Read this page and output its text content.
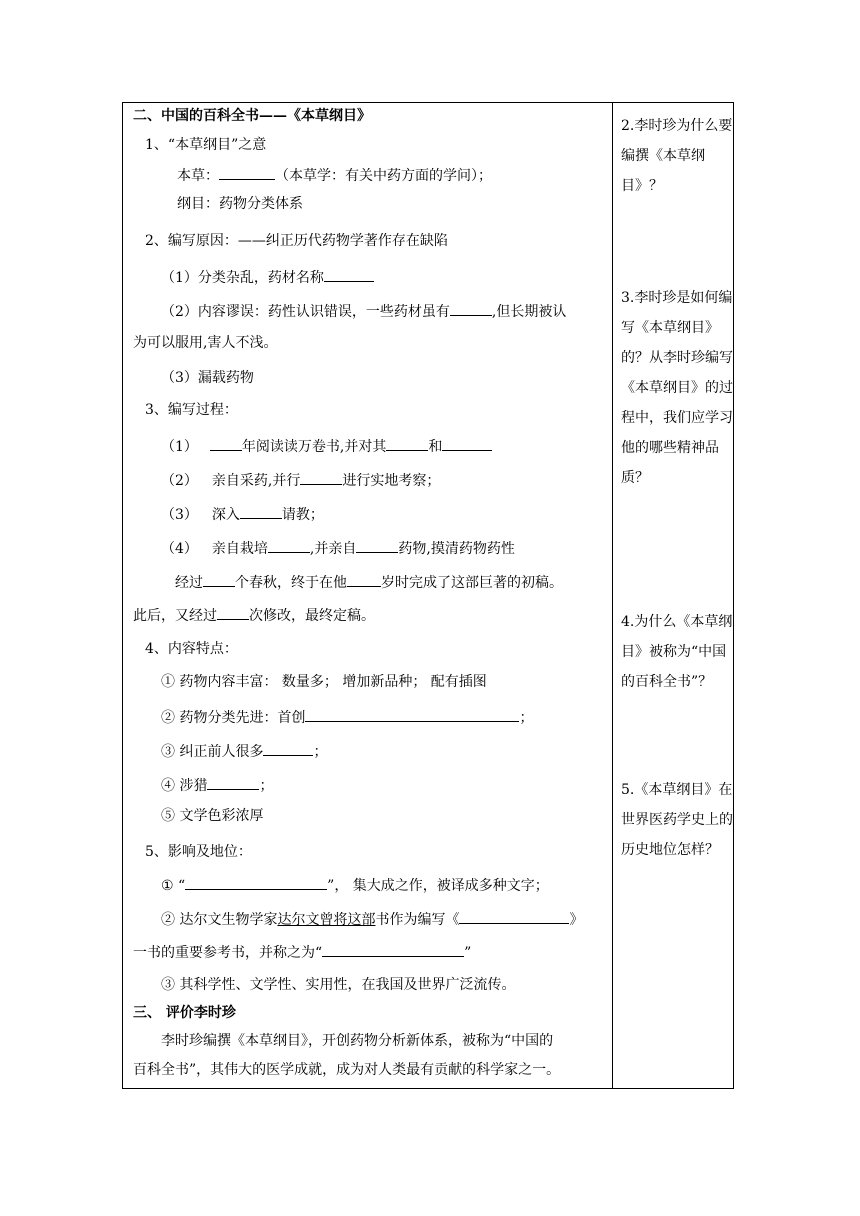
二、中国的百科全书——《本草纲目》
1、“本草纲目”之意
本草：	（本草学：有关中药方面的学问）；
纲目：药物分类体系
2、编写原因：——纠正历代药物学著作存在缺陷
（1）分类杂乱，药材名称
（2）内容谬误：药性认识错误，一些药材虽有	,但长期被认
为可以服用,害人不浅。
（3）漏载药物
3、编写过程：
（1）	年阅读读万卷书,并对其	和
（2） 亲自采药,并行	进行实地考察；
（3） 深入	请教；
（4） 亲自栽培	,并亲自	药物,摸清药物药性
经过 个春秋，终于在他 岁时完成了这部巨著的初稿。
此后，又经过 次修改，最终定稿。
4、内容特点：
① 药物内容丰富： 数量多； 增加新品种； 配有插图
② 药物分类先进：首创	；
③ 纠正前人很多	；
④ 涉猎	；
⑤ 文学色彩浓厚
5、影响及地位：
① “	”， 集大成之作，被译成多种文字；
② 达尔文生物学家达尔文曾将这部书作为编写《	》
一书的重要参考书，并称之为“	”
③ 其科学性、文学性、实用性，在我国及世界广泛流传。
三、 评价李时珍
李时珍编撰《本草纲目》，开创药物分析新体系，被称为“中国的
百科全书”，其伟大的医学成就，成为对人类最有贡献的科学家之一。
2.李时珍为什么要编撰《本草纲目》？
3.李时珍是如何编写《本草纲目》的？从李时珍编写《本草纲目》的过程中，我们应学习他的哪些精神品质？
4.为什么《本草纲目》被称为“中国的百科全书”？
5.《本草纲目》在世界医药学史上的历史地位怎样？
